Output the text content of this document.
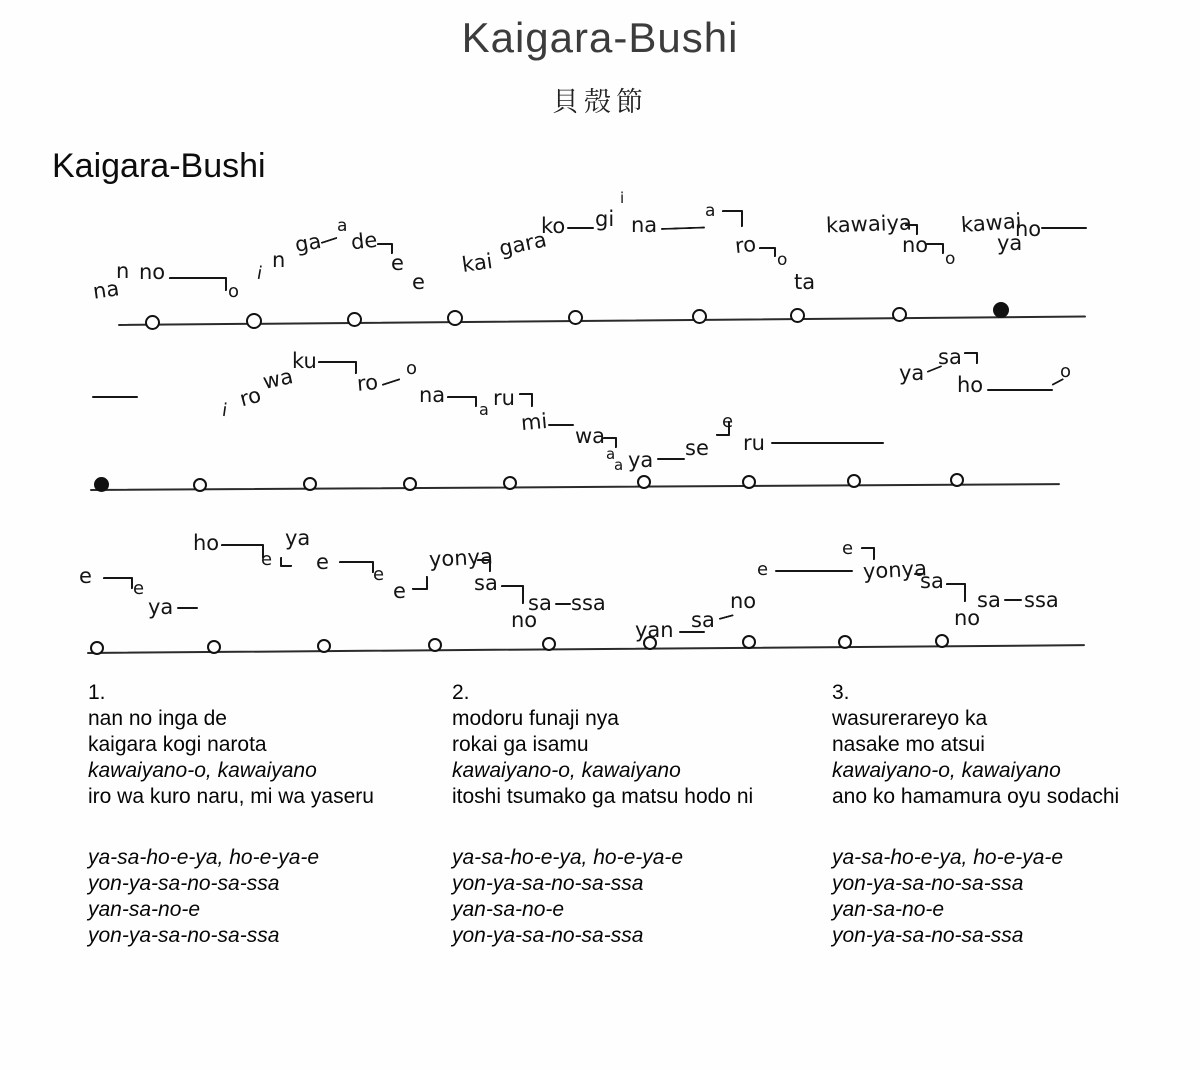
Kaigara-Bushi
貝殻節
Kaigara-Bushi
na
n no
o
i
n
ga
a
de
e
e
kai
gara
ko gi
i
na
a
ro
o
ta
kawaiya
no
o
kawai
ya
no
i ro
wa
ku
ro
o
na
a ru
mi
wa
a
a ya se
e
ru
ya
sa
ho
o
e
e
ya
ho
e
ya
e
e
e
yonya
sa
no
sa ssa
yan sa
no
e
e
yonya
sa
no
sa ssa
1.
nan no inga de
kaigara kogi narota
kawaiyano-o, kawaiyano
iro wa kuro naru, mi wa yaseru
ya-sa-ho-e-ya, ho-e-ya-e
yon-ya-sa-no-sa-ssa
yan-sa-no-e
yon-ya-sa-no-sa-ssa
2.
modoru funaji nya
rokai ga isamu
kawaiyano-o, kawaiyano
itoshi tsumako ga matsu hodo ni
ya-sa-ho-e-ya, ho-e-ya-e
yon-ya-sa-no-sa-ssa
yan-sa-no-e
yon-ya-sa-no-sa-ssa
3.
wasurerareyo ka
nasake mo atsui
kawaiyano-o, kawaiyano
ano ko hamamura oyu sodachi
ya-sa-ho-e-ya, ho-e-ya-e
yon-ya-sa-no-sa-ssa
yan-sa-no-e
yon-ya-sa-no-sa-ssa
